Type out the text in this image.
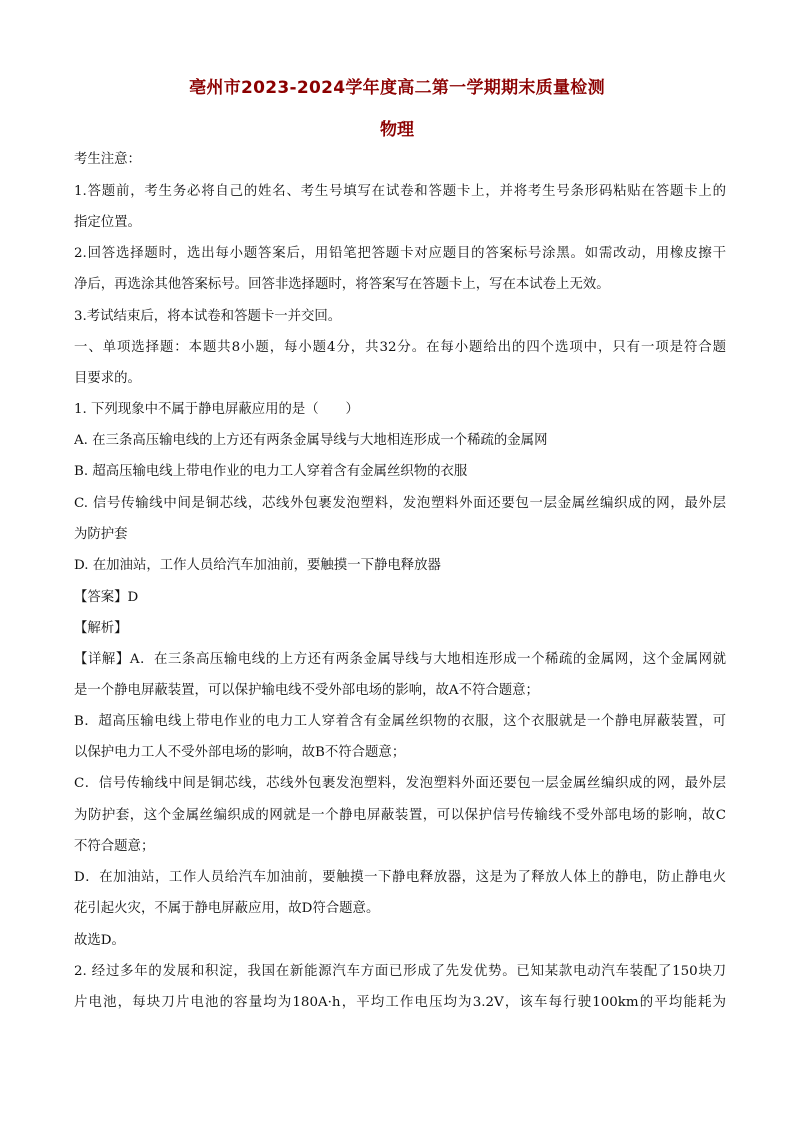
亳州市2023-2024学年度高二第一学期期末质量检测
物理
考生注意：
1.答题前，考生务必将自己的姓名、考生号填写在试卷和答题卡上，并将考生号条形码粘贴在答题卡上的
指定位置。
2.回答选择题时，选出每小题答案后，用铅笔把答题卡对应题目的答案标号涂黑。如需改动，用橡皮擦干
净后，再选涂其他答案标号。回答非选择题时，将答案写在答题卡上，写在本试卷上无效。
3.考试结束后，将本试卷和答题卡一并交回。
一、单项选择题：本题共8小题，每小题4分，共32分。在每小题给出的四个选项中，只有一项是符合题
目要求的。
1. 下列现象中不属于静电屏蔽应用的是（　　）
A. 在三条高压输电线的上方还有两条金属导线与大地相连形成一个稀疏的金属网
B. 超高压输电线上带电作业的电力工人穿着含有金属丝织物的衣服
C. 信号传输线中间是铜芯线，芯线外包裹发泡塑料，发泡塑料外面还要包一层金属丝编织成的网，最外层
为防护套
D. 在加油站，工作人员给汽车加油前，要触摸一下静电释放器
【答案】D
【解析】
【详解】A．在三条高压输电线的上方还有两条金属导线与大地相连形成一个稀疏的金属网，这个金属网就
是一个静电屏蔽装置，可以保护输电线不受外部电场的影响，故A不符合题意；
B．超高压输电线上带电作业的电力工人穿着含有金属丝织物的衣服，这个衣服就是一个静电屏蔽装置，可
以保护电力工人不受外部电场的影响，故B不符合题意；
C．信号传输线中间是铜芯线，芯线外包裹发泡塑料，发泡塑料外面还要包一层金属丝编织成的网，最外层
为防护套，这个金属丝编织成的网就是一个静电屏蔽装置，可以保护信号传输线不受外部电场的影响，故C
不符合题意；
D．在加油站，工作人员给汽车加油前，要触摸一下静电释放器，这是为了释放人体上的静电，防止静电火
花引起火灾，不属于静电屏蔽应用，故D符合题意。
故选D。
2. 经过多年的发展和积淀，我国在新能源汽车方面已形成了先发优势。已知某款电动汽车装配了150块刀
片电池，每块刀片电池的容量均为180A·h，平均工作电压均为3.2V，该车每行驶100km的平均能耗为
